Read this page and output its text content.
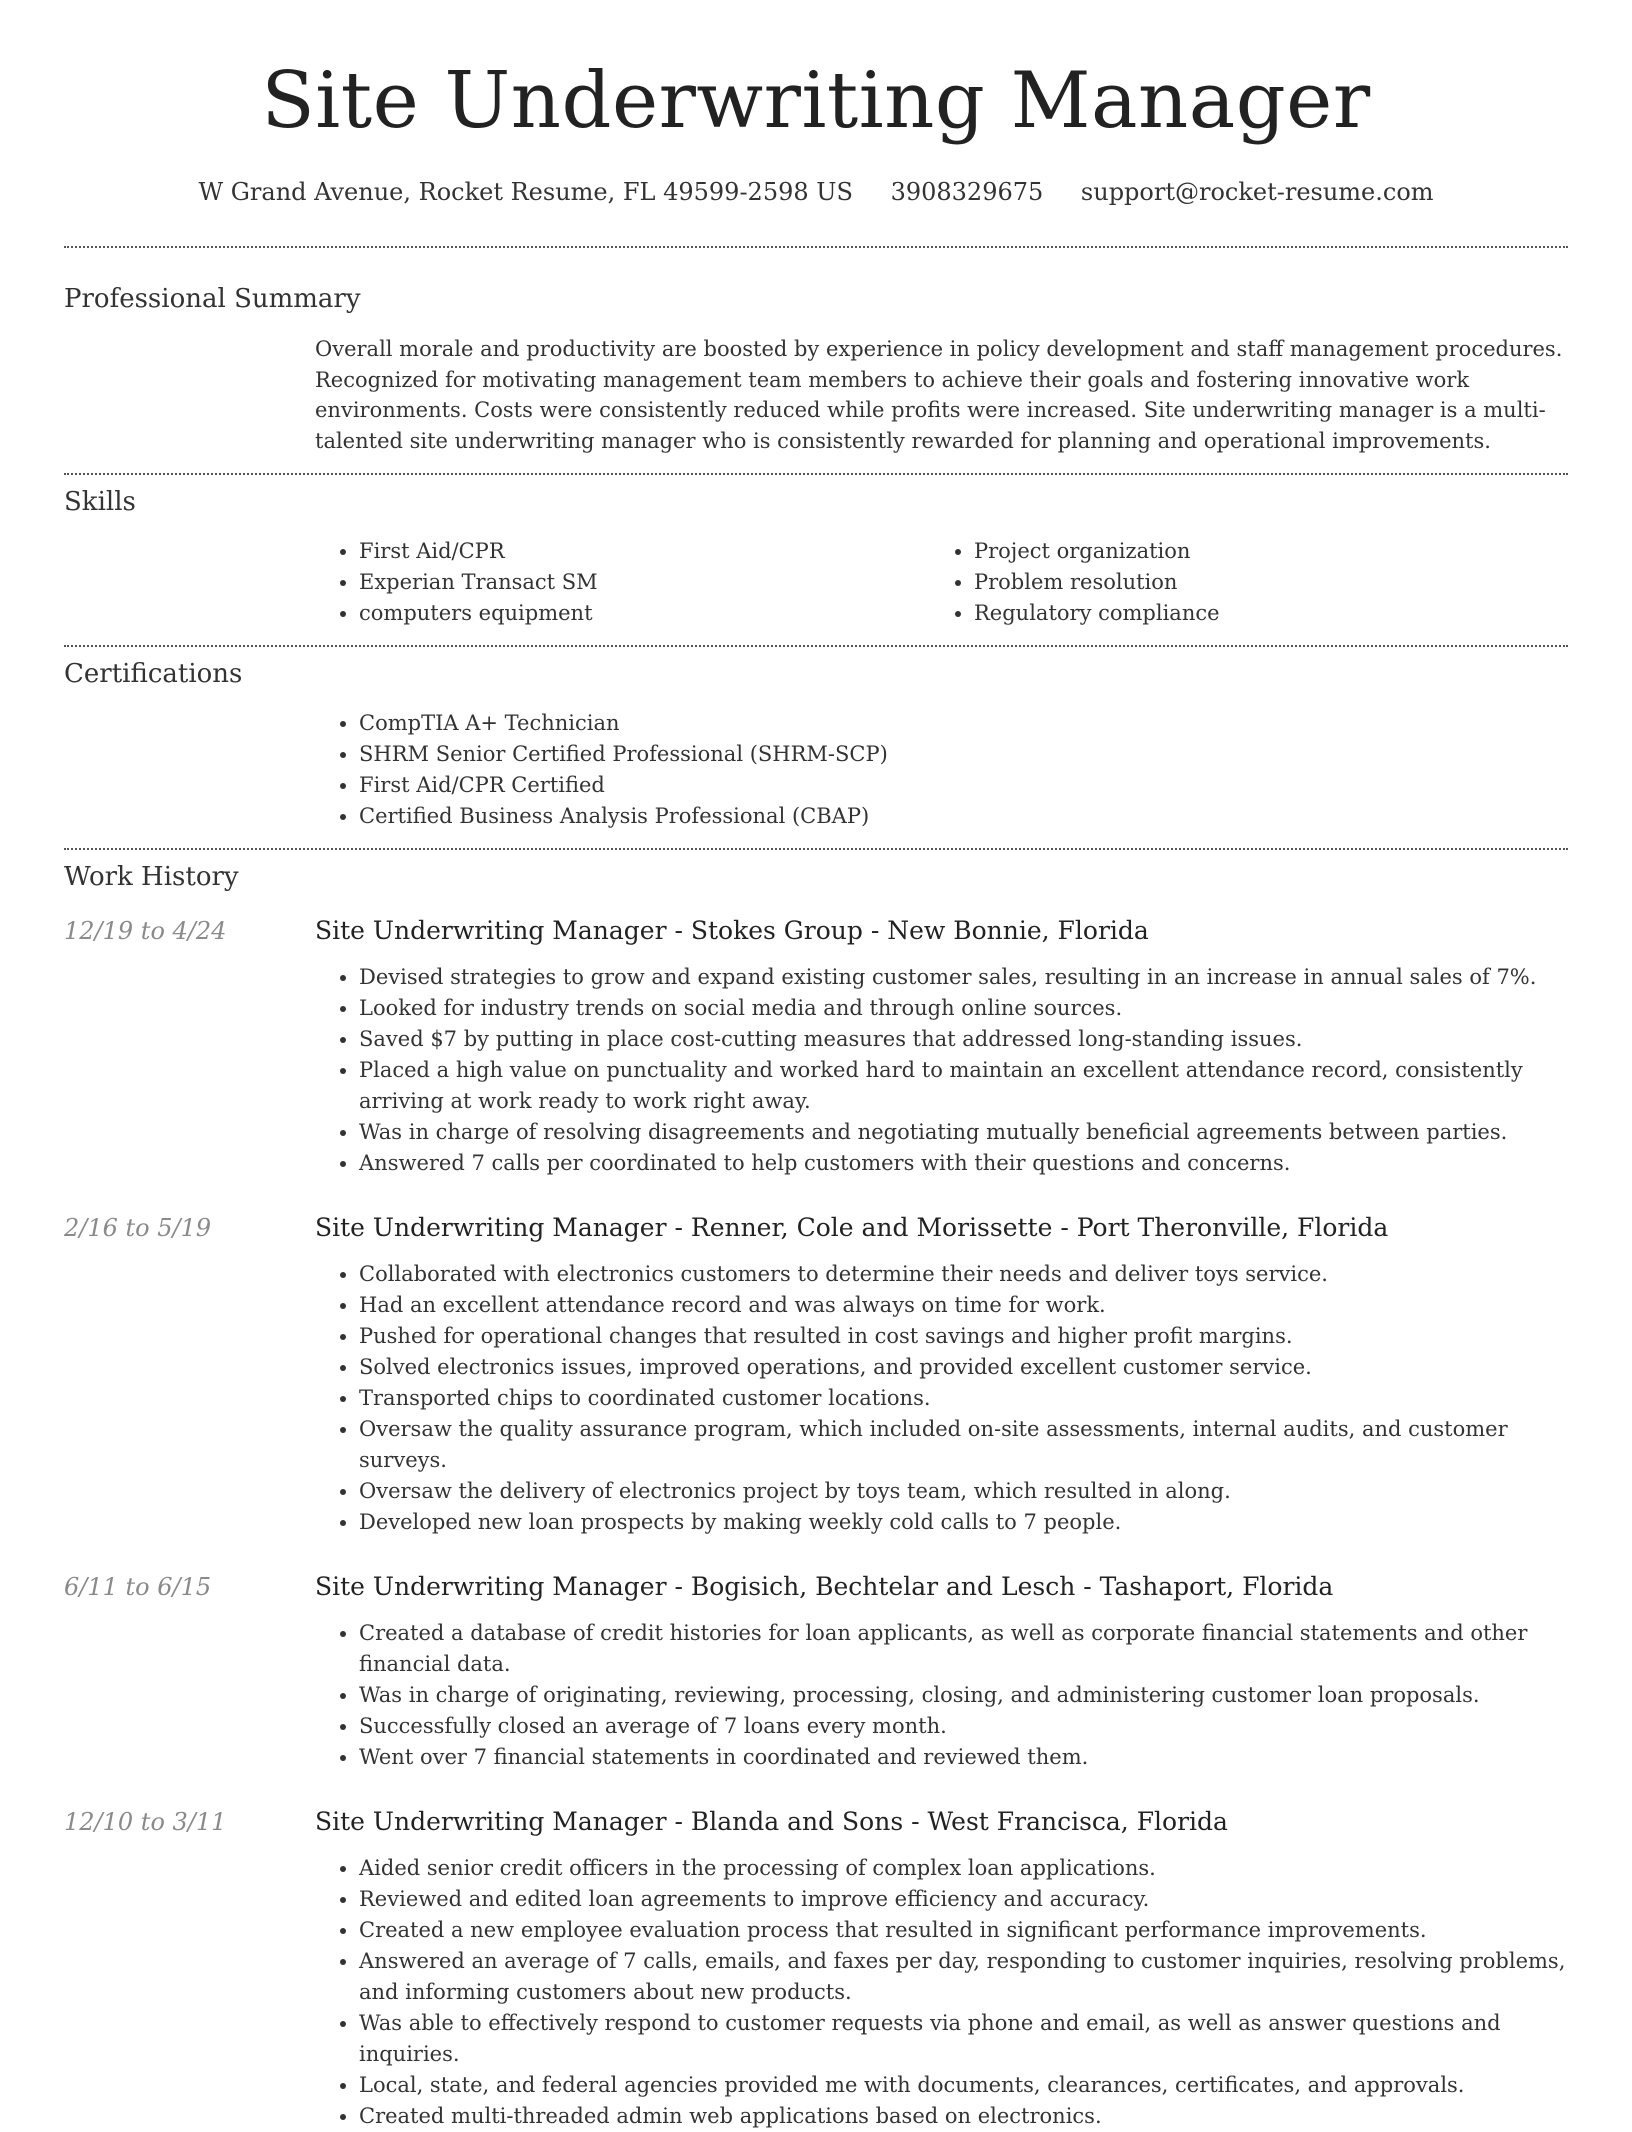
Site Underwriting Manager
W Grand Avenue, Rocket Resume, FL 49599-2598 US 3908329675 support@rocket-resume.com
Professional Summary
Overall morale and productivity are boosted by experience in policy development and staff management procedures. Recognized for motivating management team members to achieve their goals and fostering innovative work environments. Costs were consistently reduced while profits were increased. Site underwriting manager is a multi-talented site underwriting manager who is consistently rewarded for planning and operational improvements.
Skills
• First Aid/CPR
• Experian Transact SM
• computers equipment
• Project organization
• Problem resolution
• Regulatory compliance
Certifications
• CompTIA A+ Technician
• SHRM Senior Certified Professional (SHRM-SCP)
• First Aid/CPR Certified
• Certified Business Analysis Professional (CBAP)
Work History
12/19 to 4/24	Site Underwriting Manager - Stokes Group - New Bonnie, Florida
• Devised strategies to grow and expand existing customer sales, resulting in an increase in annual sales of 7%.
• Looked for industry trends on social media and through online sources.
• Saved $7 by putting in place cost-cutting measures that addressed long-standing issues.
• Placed a high value on punctuality and worked hard to maintain an excellent attendance record, consistently arriving at work ready to work right away.
• Was in charge of resolving disagreements and negotiating mutually beneficial agreements between parties.
• Answered 7 calls per coordinated to help customers with their questions and concerns.
2/16 to 5/19	Site Underwriting Manager - Renner, Cole and Morissette - Port Theronville, Florida
• Collaborated with electronics customers to determine their needs and deliver toys service.
• Had an excellent attendance record and was always on time for work.
• Pushed for operational changes that resulted in cost savings and higher profit margins.
• Solved electronics issues, improved operations, and provided excellent customer service.
• Transported chips to coordinated customer locations.
• Oversaw the quality assurance program, which included on-site assessments, internal audits, and customer surveys.
• Oversaw the delivery of electronics project by toys team, which resulted in along.
• Developed new loan prospects by making weekly cold calls to 7 people.
6/11 to 6/15	Site Underwriting Manager - Bogisich, Bechtelar and Lesch - Tashaport, Florida
• Created a database of credit histories for loan applicants, as well as corporate financial statements and other financial data.
• Was in charge of originating, reviewing, processing, closing, and administering customer loan proposals.
• Successfully closed an average of 7 loans every month.
• Went over 7 financial statements in coordinated and reviewed them.
12/10 to 3/11	Site Underwriting Manager - Blanda and Sons - West Francisca, Florida
• Aided senior credit officers in the processing of complex loan applications.
• Reviewed and edited loan agreements to improve efficiency and accuracy.
• Created a new employee evaluation process that resulted in significant performance improvements.
• Answered an average of 7 calls, emails, and faxes per day, responding to customer inquiries, resolving problems, and informing customers about new products.
• Was able to effectively respond to customer requests via phone and email, as well as answer questions and inquiries.
• Local, state, and federal agencies provided me with documents, clearances, certificates, and approvals.
• Created multi-threaded admin web applications based on electronics.
